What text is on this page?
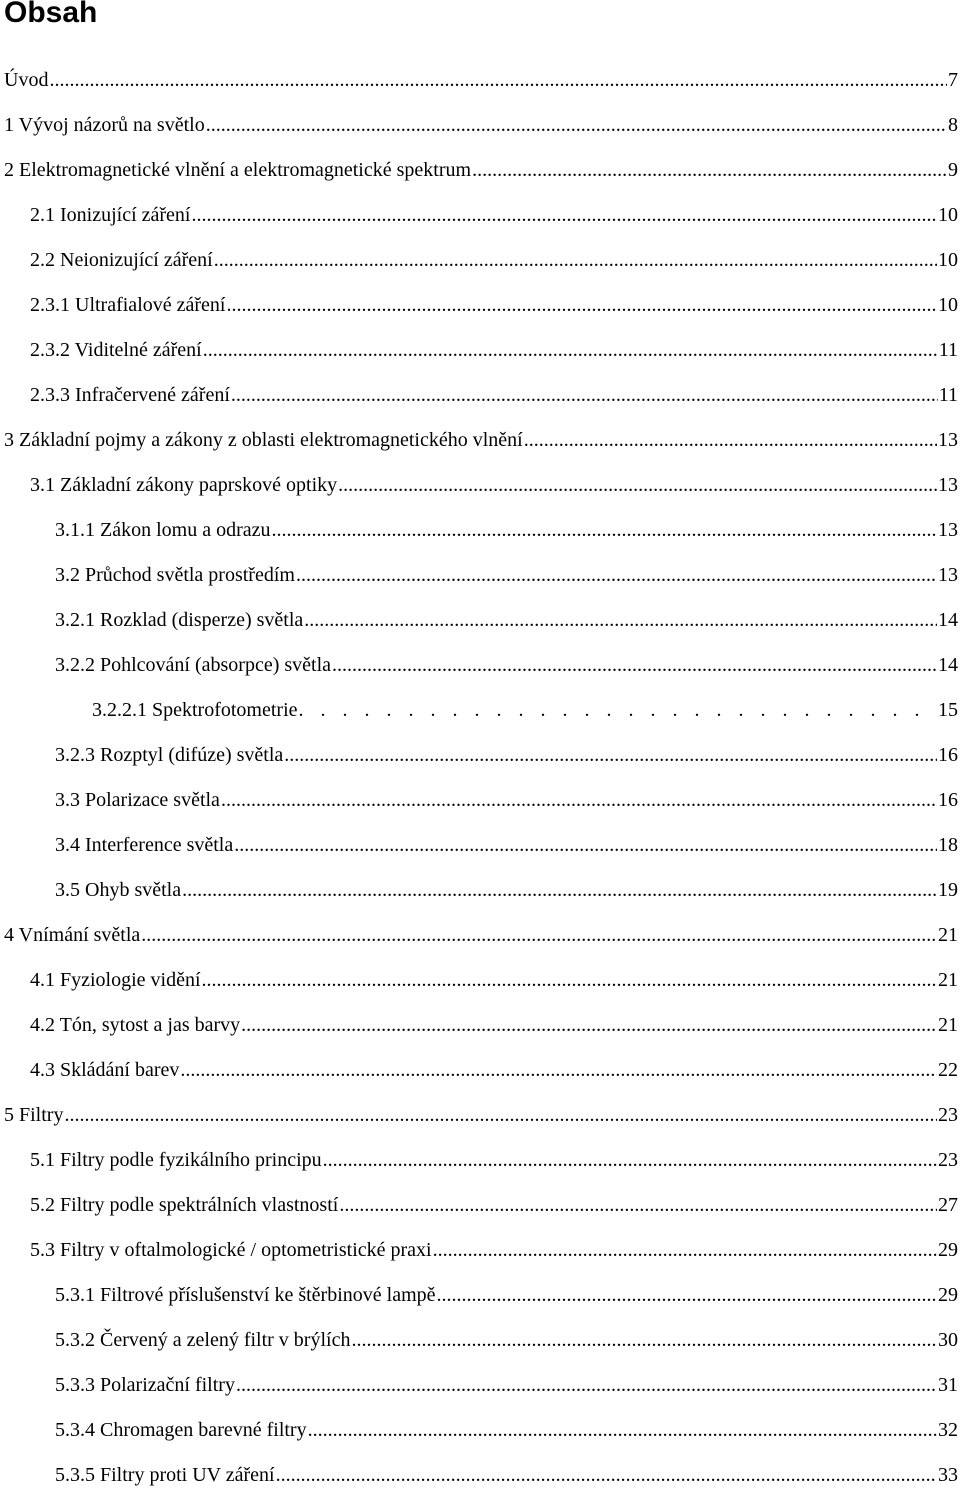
Obsah
Úvod .....	7
1 Vývoj názorů na světlo .....	8
2 Elektromagnetické vlnění a elektromagnetické spektrum .....	9
2.1 Ionizující záření .....	10
2.2 Neionizující záření .....	10
2.3.1 Ultrafialové záření .....	10
2.3.2 Viditelné záření .....	11
2.3.3 Infračervené záření .....	11
3 Základní pojmy a zákony z oblasti elektromagnetického vlnění .....	13
3.1 Základní zákony paprskové optiky .....	13
3.1.1 Zákon lomu a odrazu .....	13
3.2 Průchod světla prostředím .....	13
3.2.1 Rozklad (disperze) světla .....	14
3.2.2 Pohlcování (absorpce) světla .....	14
3.2.2.1 Spektrofotometrie .....	15
3.2.3 Rozptyl (difúze) světla .....	16
3.3 Polarizace světla .....	16
3.4 Interference světla .....	18
3.5 Ohyb světla .....	19
4 Vnímání světla .....	21
4.1 Fyziologie vidění .....	21
4.2 Tón, sytost a jas barvy .....	21
4.3 Skládání barev .....	22
5 Filtry .....	23
5.1 Filtry podle fyzikálního principu .....	23
5.2 Filtry podle spektrálních vlastností .....	27
5.3 Filtry v oftalmologické / optometristické praxi .....	29
5.3.1 Filtrové příslušenství ke štěrbinové lampě .....	29
5.3.2 Červený a zelený filtr v brýlích .....	30
5.3.3 Polarizační filtry .....	31
5.3.4 Chromagen barevné filtry .....	32
5.3.5 Filtry proti UV záření .....	33
